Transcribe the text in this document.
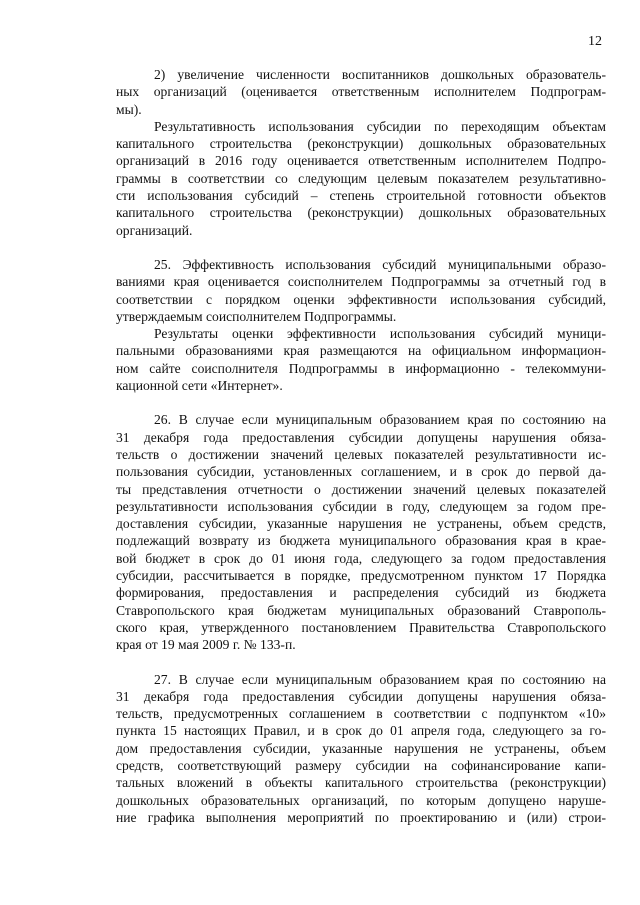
12
2) увеличение численности воспитанников дошкольных образователь-
ных организаций (оценивается ответственным исполнителем Подпрограм-
мы).
Результативность использования субсидии по переходящим объектам
капитального строительства (реконструкции) дошкольных образовательных
организаций в 2016 году оценивается ответственным исполнителем Подпро-
граммы в соответствии со следующим целевым показателем результативно-
сти использования субсидий – степень строительной готовности объектов
капитального строительства (реконструкции) дошкольных образовательных
организаций.
25. Эффективность использования субсидий муниципальными образо-
ваниями края оценивается соисполнителем Подпрограммы за отчетный год в
соответствии с порядком оценки эффективности использования субсидий,
утверждаемым соисполнителем Подпрограммы.
Результаты оценки эффективности использования субсидий муници-
пальными образованиями края размещаются на официальном информацион-
ном сайте соисполнителя Подпрограммы в информационно - телекоммуни-
кационной сети «Интернет».
26. В случае если муниципальным образованием края по состоянию на
31 декабря года предоставления субсидии допущены нарушения обяза-
тельств о достижении значений целевых показателей результативности ис-
пользования субсидии, установленных соглашением, и в срок до первой да-
ты представления отчетности о достижении значений целевых показателей
результативности использования субсидии в году, следующем за годом пре-
доставления субсидии, указанные нарушения не устранены, объем средств,
подлежащий возврату из бюджета муниципального образования края в крае-
вой бюджет в срок до 01 июня года, следующего за годом предоставления
субсидии, рассчитывается в порядке, предусмотренном пунктом 17 Порядка
формирования, предоставления и распределения субсидий из бюджета
Ставропольского края бюджетам муниципальных образований Ставрополь-
ского края, утвержденного постановлением Правительства Ставропольского
края от 19 мая 2009 г. № 133-п.
27. В случае если муниципальным образованием края по состоянию на
31 декабря года предоставления субсидии допущены нарушения обяза-
тельств, предусмотренных соглашением в соответствии с подпунктом «10»
пункта 15 настоящих Правил, и в срок до 01 апреля года, следующего за го-
дом предоставления субсидии, указанные нарушения не устранены, объем
средств, соответствующий размеру субсидии на софинансирование капи-
тальных вложений в объекты капитального строительства (реконструкции)
дошкольных образовательных организаций, по которым допущено наруше-
ние графика выполнения мероприятий по проектированию и (или) строи-
